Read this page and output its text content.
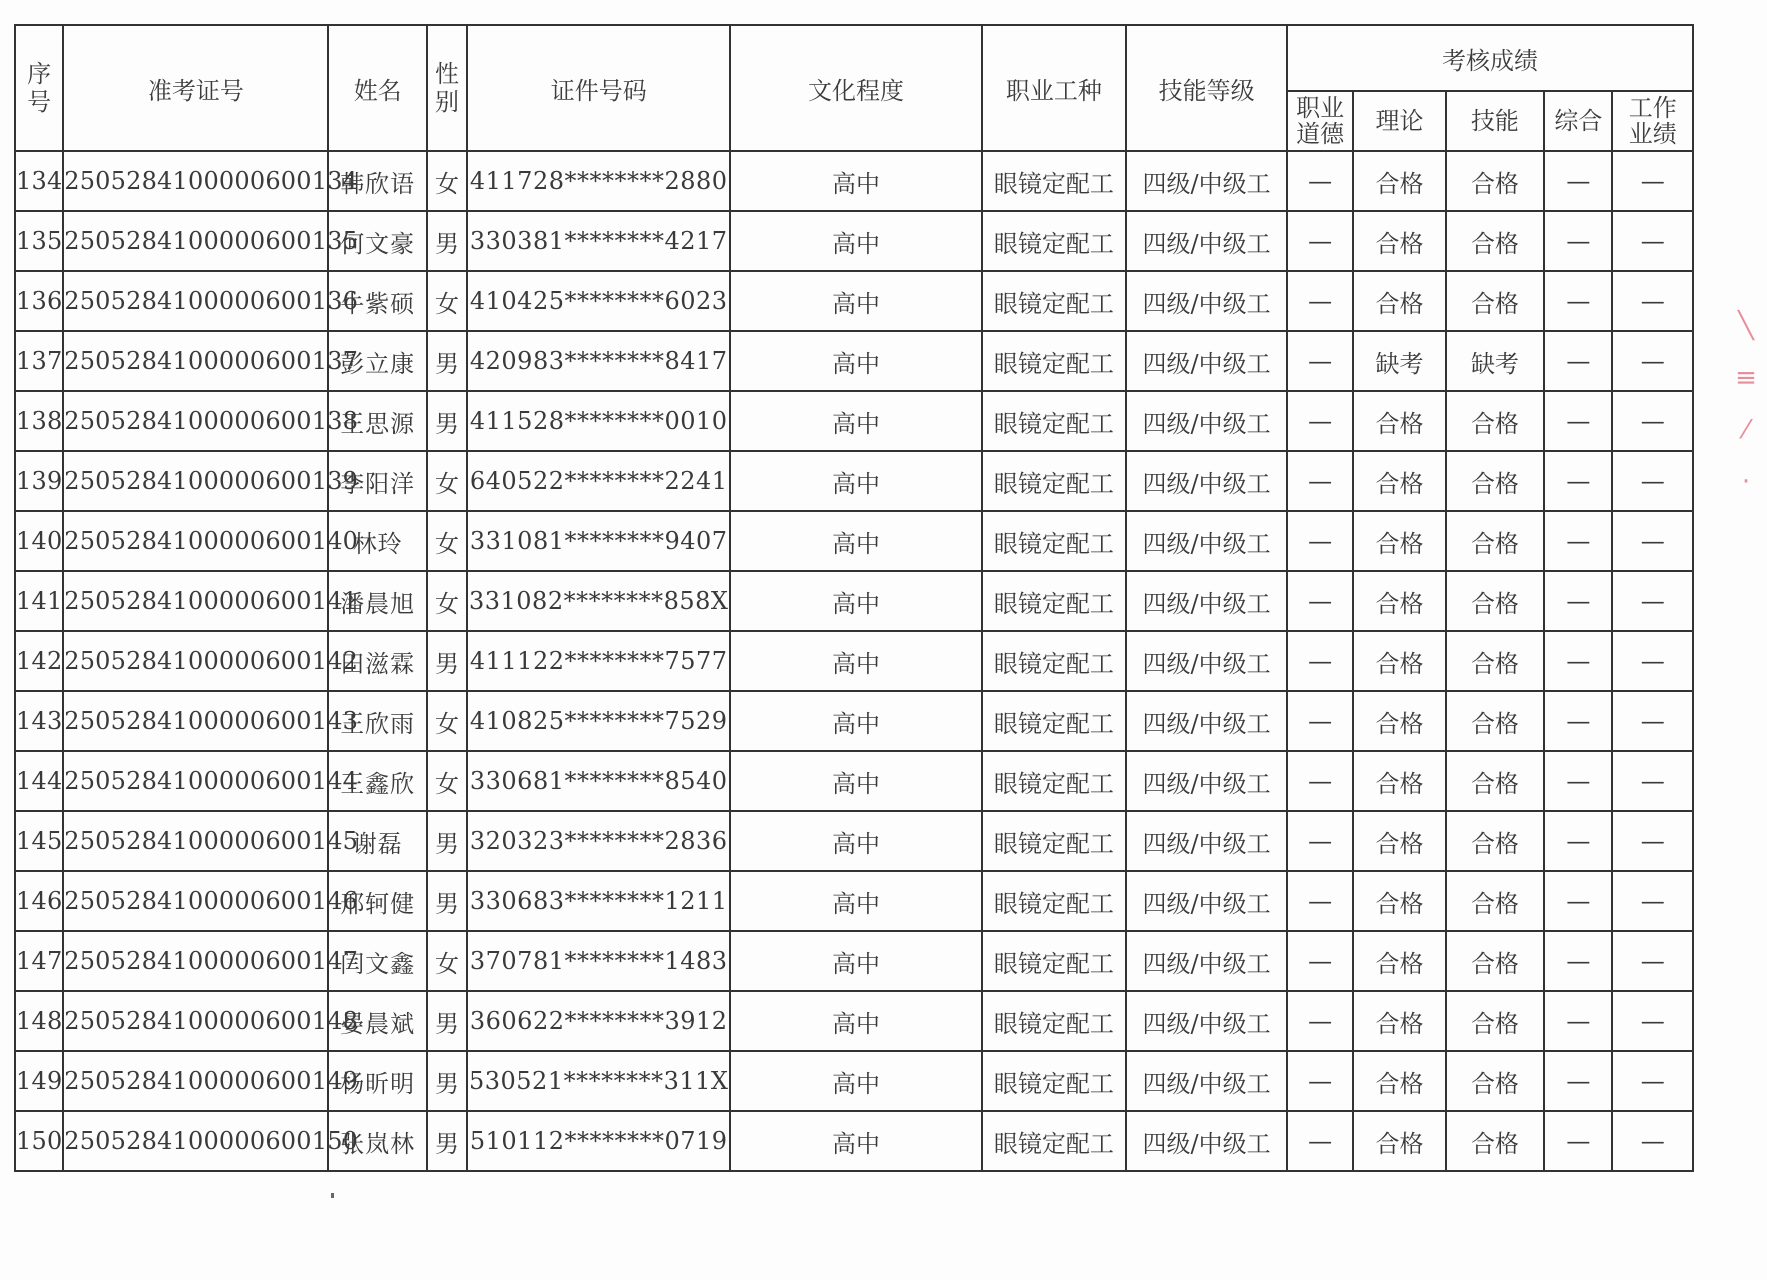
序号	准考证号	姓名	性别	证件号码	文化程度	职业工种	技能等级	考核成绩				
								职业道德	理论	技能	综合	工作业绩
134	2505284100000600134	韩欣语	女	411728********2880	高中	眼镜定配工	四级/中级工	—	合格	合格	—	—
135	2505284100000600135	何文豪	男	330381********4217	高中	眼镜定配工	四级/中级工	—	合格	合格	—	—
136	2505284100000600136	牛紫硕	女	410425********6023	高中	眼镜定配工	四级/中级工	—	合格	合格	—	—
137	2505284100000600137	彭立康	男	420983********8417	高中	眼镜定配工	四级/中级工	—	缺考	缺考	—	—
138	2505284100000600138	王思源	男	411528********0010	高中	眼镜定配工	四级/中级工	—	合格	合格	—	—
139	2505284100000600139	李阳洋	女	640522********2241	高中	眼镜定配工	四级/中级工	—	合格	合格	—	—
140	2505284100000600140	林玲	女	331081********9407	高中	眼镜定配工	四级/中级工	—	合格	合格	—	—
141	2505284100000600141	潘晨旭	女	331082********858X	高中	眼镜定配工	四级/中级工	—	合格	合格	—	—
142	2505284100000600142	田滋霖	男	411122********7577	高中	眼镜定配工	四级/中级工	—	合格	合格	—	—
143	2505284100000600143	王欣雨	女	410825********7529	高中	眼镜定配工	四级/中级工	—	合格	合格	—	—
144	2505284100000600144	王鑫欣	女	330681********8540	高中	眼镜定配工	四级/中级工	—	合格	合格	—	—
145	2505284100000600145	谢磊	男	320323********2836	高中	眼镜定配工	四级/中级工	—	合格	合格	—	—
146	2505284100000600146	邢轲健	男	330683********1211	高中	眼镜定配工	四级/中级工	—	合格	合格	—	—
147	2505284100000600147	闫文鑫	女	370781********1483	高中	眼镜定配工	四级/中级工	—	合格	合格	—	—
148	2505284100000600148	晏晨斌	男	360622********3912	高中	眼镜定配工	四级/中级工	—	合格	合格	—	—
149	2505284100000600149	杨昕明	男	530521********311X	高中	眼镜定配工	四级/中级工	—	合格	合格	—	—
150	2505284100000600150	张岚林	男	510112********0719	高中	眼镜定配工	四级/中级工	—	合格	合格	—	—
╲
≡
⁄
·
